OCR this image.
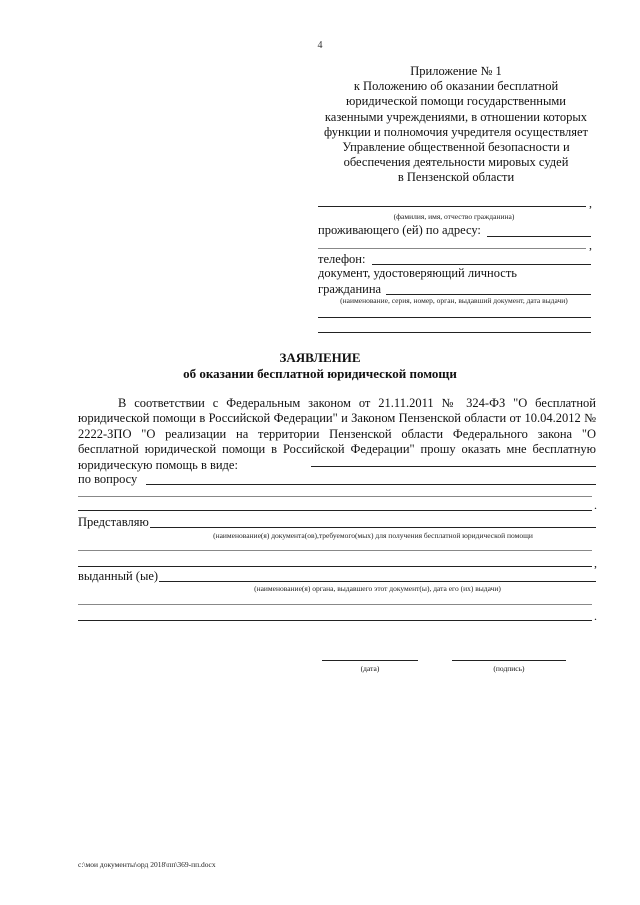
4
Приложение № 1
к Положению об оказании бесплатной
юридической помощи государственными
казенными учреждениями, в отношении которых
функции и полномочия учредителя осуществляет
Управление общественной безопасности и
обеспечения деятельности мировых судей
в Пензенской области
,
(фамилия, имя, отчество гражданина)
проживающего (ей) по адресу:
,
телефон:
документ, удостоверяющий личность
гражданина
(наименование, серия, номер, орган, выдавший документ, дата выдачи)
ЗАЯВЛЕНИЕ
об оказании бесплатной юридической помощи
В соответствии с Федеральным законом от 21.11.2011 № 324-ФЗ "О бесплатной юридической помощи в Российской Федерации" и Законом Пензенской области от 10.04.2012 № 2222-ЗПО "О реализации на территории Пензенской области Федерального закона "О бесплатной юридической помощи в Российской Федерации" прошу оказать мне бесплатную юридическую помощь в виде:
по вопросу
.
Представляю
(наименование(я) документа(ов),требуемого(мых) для получения бесплатной юридической помощи
,
выданный (ые)
(наименование(я) органа, выдавшего этот документ(ы), дата его (их) выдачи)
.
(дата)	(подпись)
c:\мои документы\орд 2018\пп\369-пп.docx
